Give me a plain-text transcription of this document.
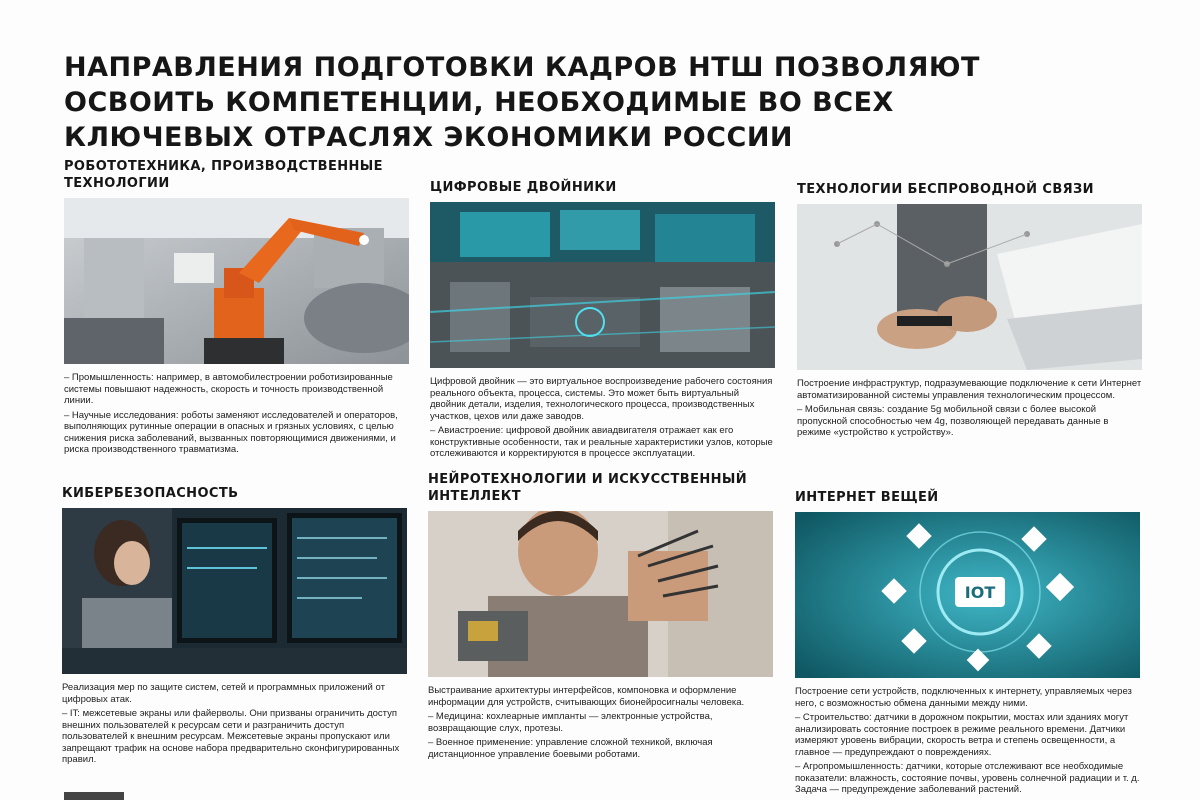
НАПРАВЛЕНИЯ ПОДГОТОВКИ КАДРОВ НТШ ПОЗВОЛЯЮТ ОСВОИТЬ КОМПЕТЕНЦИИ, НЕОБХОДИМЫЕ ВО ВСЕХ КЛЮЧЕВЫХ ОТРАСЛЯХ ЭКОНОМИКИ РОССИИ
РОБОТОТЕХНИКА, ПРОИЗВОДСТВЕННЫЕ ТЕХНОЛОГИИ

– Промышленность: например, в автомобилестроении роботизированные системы повышают надежность, скорость и точность производственной линии.

– Научные исследования: роботы заменяют исследователей и операторов, выполняющих рутинные операции в опасных и грязных условиях, с целью снижения риска заболеваний, вызванных повторяющимися движениями, и риска производственного травматизма.

ЦИФРОВЫЕ ДВОЙНИКИ

Цифровой двойник — это виртуальное воспроизведение рабочего состояния реального объекта, процесса, системы. Это может быть виртуальный двойник детали, изделия, технологического процесса, производственных участков, цехов или даже заводов.

– Авиастроение: цифровой двойник авиадвигателя отражает как его конструктивные особенности, так и реальные характеристики узлов, которые отслеживаются и корректируются в процессе эксплуатации.

ТЕХНОЛОГИИ БЕСПРОВОДНОЙ СВЯЗИ

Построение инфраструктур, подразумевающие подключение к сети Интернет автоматизированной системы управления технологическим процессом.

– Мобильная связь: создание 5g мобильной связи с более высокой пропускной способностью чем 4g, позволяющей передавать данные в режиме «устройство к устройству».

КИБЕРБЕЗОПАСНОСТЬ

Реализация мер по защите систем, сетей и программных приложений от цифровых атак.

– IT: межсетевые экраны или файерволы. Они призваны ограничить доступ внешних пользователей к ресурсам сети и разграничить доступ пользователей к внешним ресурсам. Межсетевые экраны пропускают или запрещают трафик на основе набора предварительно сконфигурированных правил.

НЕЙРОТЕХНОЛОГИИ И ИСКУССТВЕННЫЙ ИНТЕЛЛЕКТ

Выстраивание архитектуры интерфейсов, компоновка и оформление информации для устройств, считывающих бионейросигналы человека.

– Медицина: кохлеарные импланты — электронные устройства, возвращающие слух, протезы.

– Военное применение: управление сложной техникой, включая дистанционное управление боевыми роботами.

ИНТЕРНЕТ ВЕЩЕЙ
IOT

Построение сети устройств, подключенных к интернету, управляемых через него, с возможностью обмена данными между ними.

– Строительство: датчики в дорожном покрытии, мостах или зданиях могут анализировать состояние построек в режиме реального времени. Датчики измеряют уровень вибрации, скорость ветра и степень освещенности, а главное — предупреждают о повреждениях.

– Агропромышленность: датчики, которые отслеживают все необходимые показатели: влажность, состояние почвы, уровень солнечной радиации и т. д. Задача — предупреждение заболеваний растений.
